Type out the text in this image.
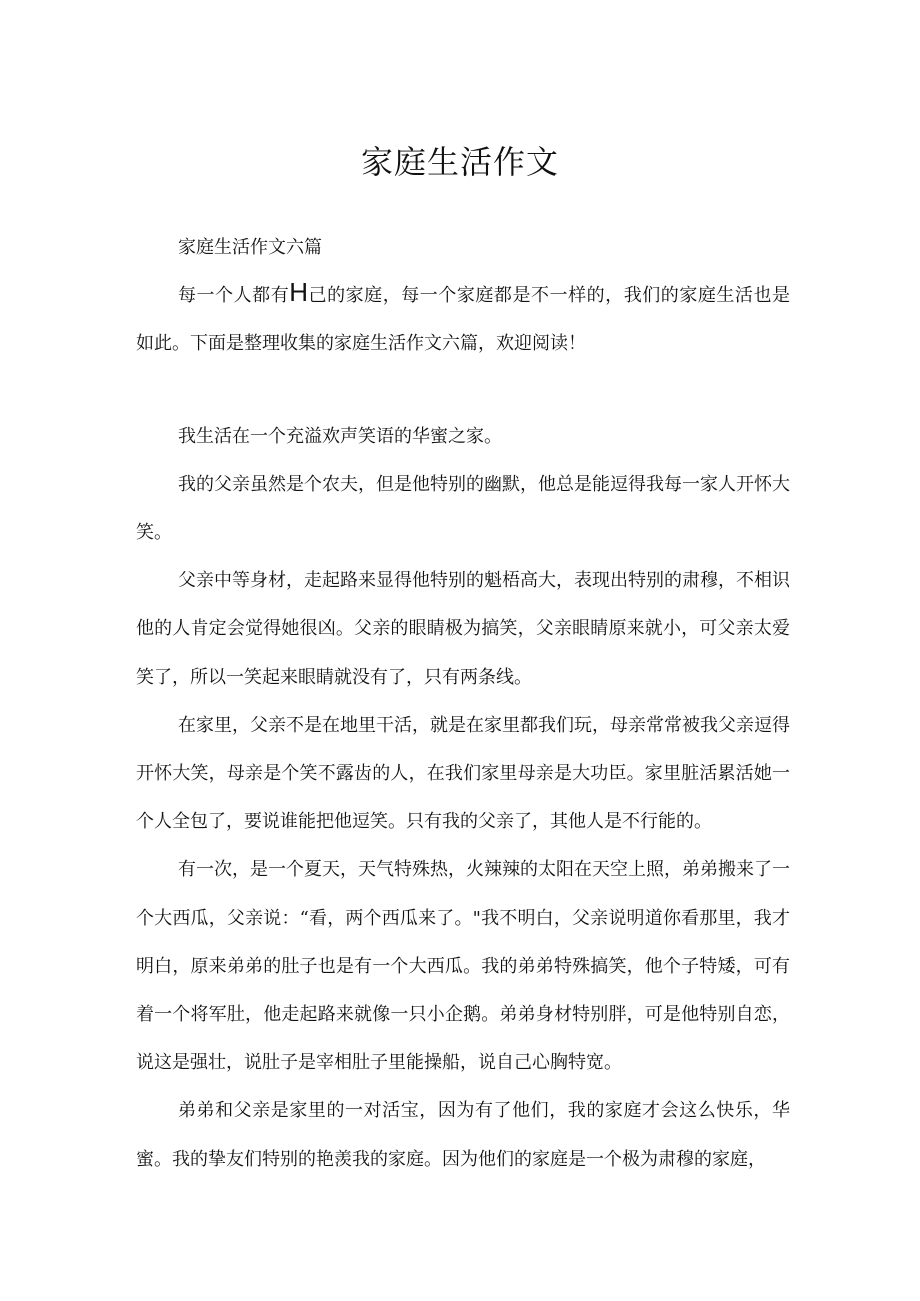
家庭生活作文

家庭生活作文六篇

每一个人都有H己的家庭，每一个家庭都是不一样的，我们的家庭生活也是如此。下面是整理收集的家庭生活作文六篇，欢迎阅读！

我生活在一个充溢欢声笑语的华蜜之家。

我的父亲虽然是个农夫，但是他特别的幽默，他总是能逗得我每一家人开怀大笑。

父亲中等身材，走起路来显得他特别的魁梧高大，表现出特别的肃穆，不相识他的人肯定会觉得她很凶。父亲的眼睛极为搞笑，父亲眼睛原来就小，可父亲太爱笑了，所以一笑起来眼睛就没有了，只有两条线。

在家里，父亲不是在地里干活，就是在家里都我们玩，母亲常常被我父亲逗得开怀大笑，母亲是个笑不露齿的人，在我们家里母亲是大功臣。家里脏活累活她一个人全包了，要说谁能把他逗笑。只有我的父亲了，其他人是不行能的。

有一次，是一个夏天，天气特殊热，火辣辣的太阳在天空上照，弟弟搬来了一个大西瓜，父亲说：“看，两个西瓜来了。"我不明白，父亲说明道你看那里，我才明白，原来弟弟的肚子也是有一个大西瓜。我的弟弟特殊搞笑，他个子特矮，可有着一个将军肚，他走起路来就像一只小企鹅。弟弟身材特别胖，可是他特别自恋，说这是强壮，说肚子是宰相肚子里能操船，说自己心胸特宽。

弟弟和父亲是家里的一对活宝，因为有了他们，我的家庭才会这么快乐，华蜜。我的挚友们特别的艳羡我的家庭。因为他们的家庭是一个极为肃穆的家庭，
